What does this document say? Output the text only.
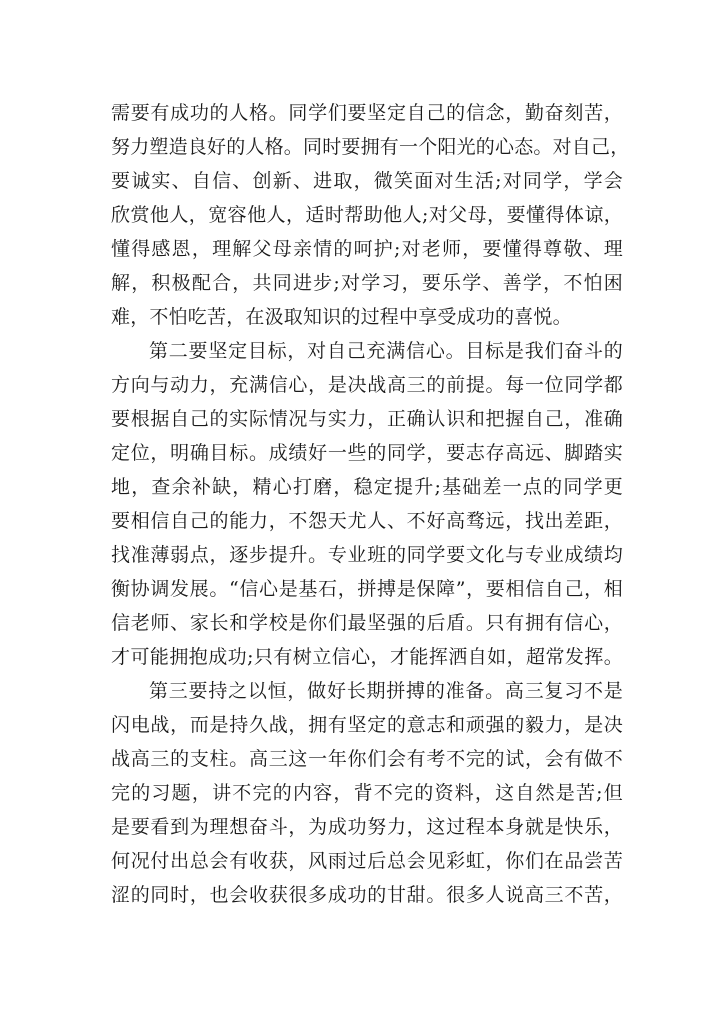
需要有成功的人格。同学们要坚定自己的信念，勤奋刻苦，
努力塑造良好的人格。同时要拥有一个阳光的心态。对自己，
要诚实、自信、创新、进取，微笑面对生活;对同学，学会
欣赏他人，宽容他人，适时帮助他人;对父母，要懂得体谅，
懂得感恩，理解父母亲情的呵护;对老师，要懂得尊敬、理
解，积极配合，共同进步;对学习，要乐学、善学，不怕困
难，不怕吃苦，在汲取知识的过程中享受成功的喜悦。
第二要坚定目标，对自己充满信心。目标是我们奋斗的
方向与动力，充满信心，是决战高三的前提。每一位同学都
要根据自己的实际情况与实力，正确认识和把握自己，准确
定位，明确目标。成绩好一些的同学，要志存高远、脚踏实
地，查余补缺，精心打磨，稳定提升;基础差一点的同学更
要相信自己的能力，不怨天尤人、不好高骛远，找出差距，
找准薄弱点，逐步提升。专业班的同学要文化与专业成绩均
衡协调发展。“信心是基石，拼搏是保障”，要相信自己，相
信老师、家长和学校是你们最坚强的后盾。只有拥有信心，
才可能拥抱成功;只有树立信心，才能挥洒自如，超常发挥。
第三要持之以恒，做好长期拼搏的准备。高三复习不是
闪电战，而是持久战，拥有坚定的意志和顽强的毅力，是决
战高三的支柱。高三这一年你们会有考不完的试，会有做不
完的习题，讲不完的内容，背不完的资料，这自然是苦;但
是要看到为理想奋斗，为成功努力，这过程本身就是快乐，
何况付出总会有收获，风雨过后总会见彩虹，你们在品尝苦
涩的同时，也会收获很多成功的甘甜。很多人说高三不苦，
